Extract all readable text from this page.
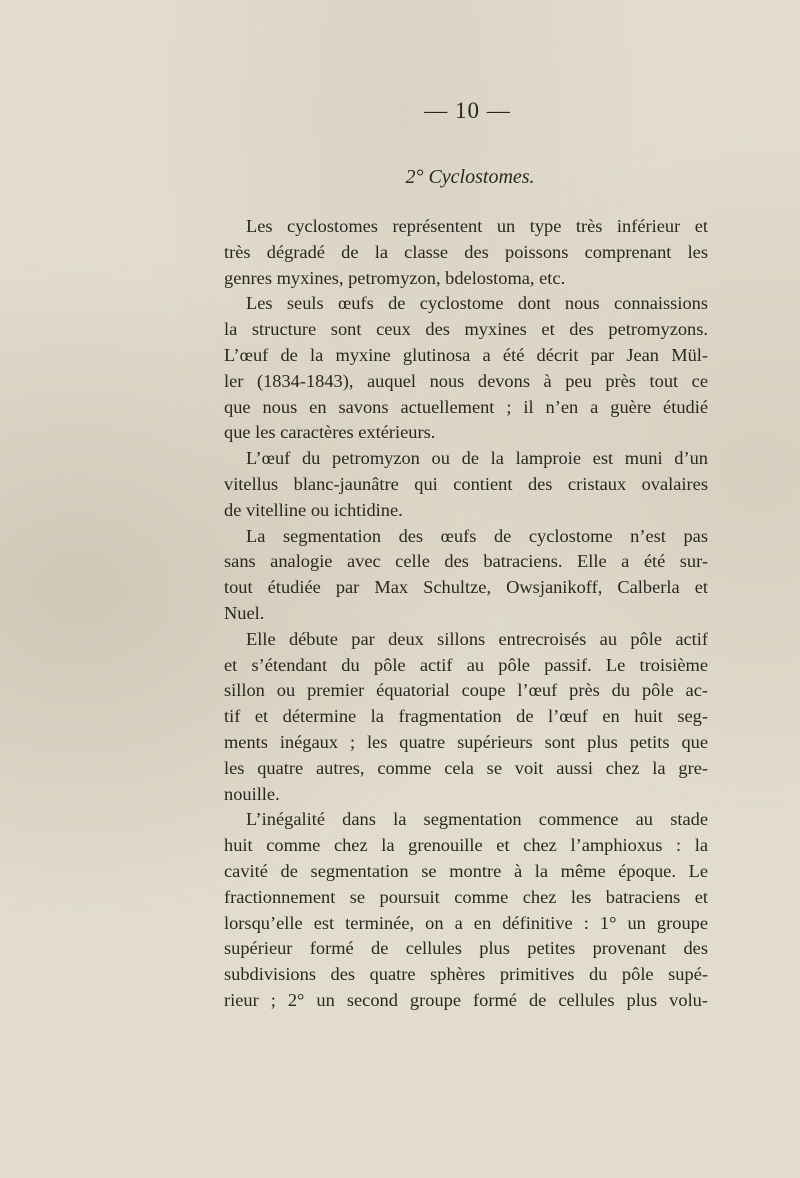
— 10 —
2° Cyclostomes.
Les cyclostomes représentent un type très inférieur et
très dégradé de la classe des poissons comprenant les
genres myxines, petromyzon, bdelostoma, etc.
Les seuls œufs de cyclostome dont nous connaissions
la structure sont ceux des myxines et des petromyzons.
L’œuf de la myxine glutinosa a été décrit par Jean Mül-
ler (1834-1843), auquel nous devons à peu près tout ce
que nous en savons actuellement ; il n’en a guère étudié
que les caractères extérieurs.
L’œuf du petromyzon ou de la lamproie est muni d’un
vitellus blanc-jaunâtre qui contient des cristaux ovalaires
de vitelline ou ichtidine.
La segmentation des œufs de cyclostome n’est pas
sans analogie avec celle des batraciens. Elle a été sur-
tout étudiée par Max Schultze, Owsjanikoff, Calberla et
Nuel.
Elle débute par deux sillons entrecroisés au pôle actif
et s’étendant du pôle actif au pôle passif. Le troisième
sillon ou premier équatorial coupe l’œuf près du pôle ac-
tif et détermine la fragmentation de l’œuf en huit seg-
ments inégaux ; les quatre supérieurs sont plus petits que
les quatre autres, comme cela se voit aussi chez la gre-
nouille.
L’inégalité dans la segmentation commence au stade
huit comme chez la grenouille et chez l’amphioxus : la
cavité de segmentation se montre à la même époque. Le
fractionnement se poursuit comme chez les batraciens et
lorsqu’elle est terminée, on a en définitive : 1° un groupe
supérieur formé de cellules plus petites provenant des
subdivisions des quatre sphères primitives du pôle supé-
rieur ; 2° un second groupe formé de cellules plus volu-
